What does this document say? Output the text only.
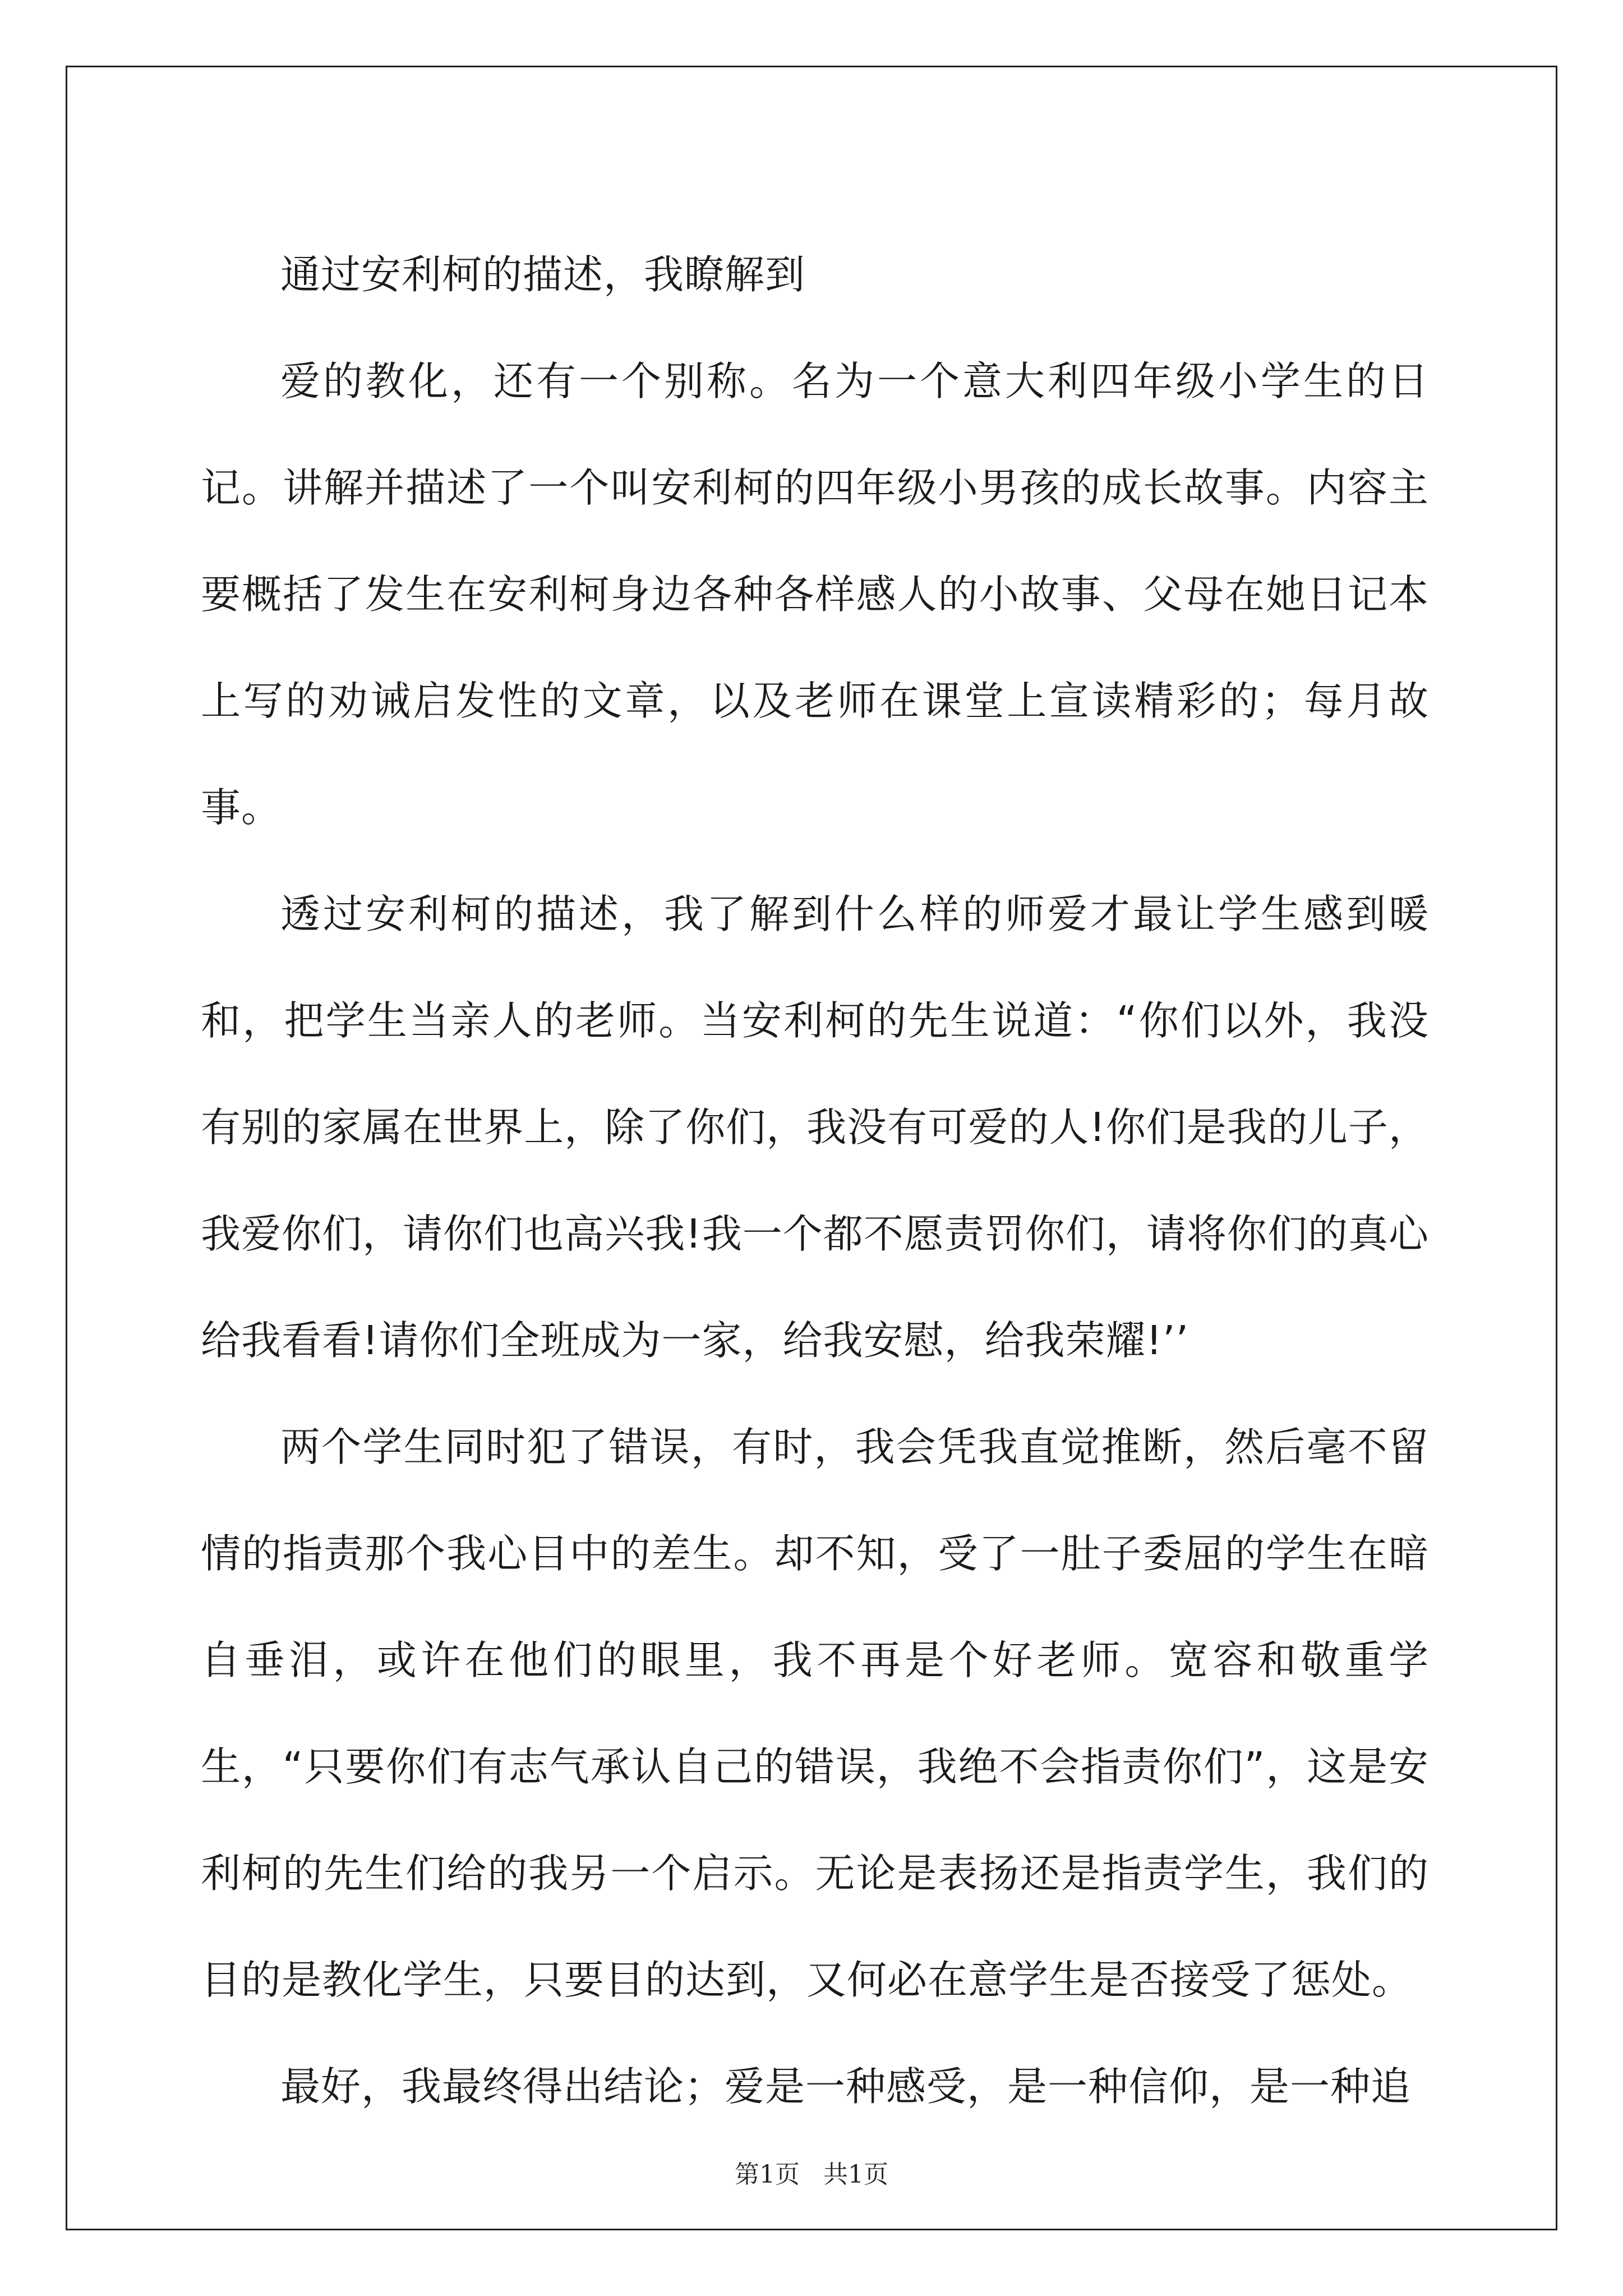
通过安利柯的描述，我瞭解到

爱的教化，还有一个别称。名为一个意大利四年级小学生的日记。讲解并描述了一个叫安利柯的四年级小男孩的成长故事。内容主要概括了发生在安利柯身边各种各样感人的小故事、父母在她日记本上写的劝诫启发性的文章，以及老师在课堂上宣读精彩的；每月故事。

透过安利柯的描述，我了解到什么样的师爱才最让学生感到暖和，把学生当亲人的老师。当安利柯的先生说道：“你们以外，我没有别的家属在世界上，除了你们，我没有可爱的人!你们是我的儿子，我爱你们，请你们也高兴我!我一个都不愿责罚你们，请将你们的真心给我看看!请你们全班成为一家，给我安慰，给我荣耀!’’

两个学生同时犯了错误，有时，我会凭我直觉推断，然后毫不留情的指责那个我心目中的差生。却不知，受了一肚子委屈的学生在暗自垂泪，或许在他们的眼里，我不再是个好老师。宽容和敬重学生，“只要你们有志气承认自己的错误，我绝不会指责你们”，这是安利柯的先生们给的我另一个启示。无论是表扬还是指责学生，我们的目的是教化学生，只要目的达到，又何必在意学生是否接受了惩处。

最好，我最终得出结论；爱是一种感受，是一种信仰，是一种追

第1页 共1页
